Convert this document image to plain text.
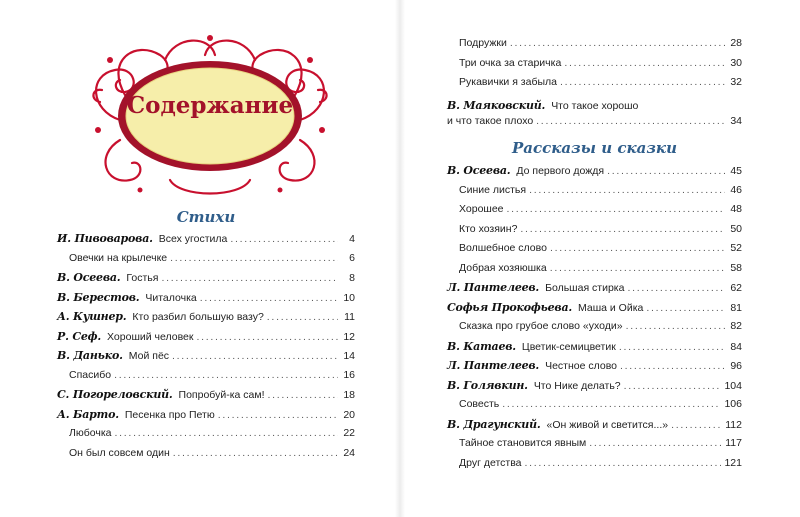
Содержание
Стихи
И. Пивоварова. Всех угостила . . .	4
Овечки на крылечке . . .	6
В. Осеева. Гостья . . .	8
В. Берестов. Читалочка . . .	10
А. Кушнер. Кто разбил большую вазу? . . .	11
Р. Сеф. Хороший человек . . .	12
В. Данько. Мой пёс . . .	14
Спасибо . . .	16
С. Погореловский. Попробуй-ка сам! . . .	18
А. Барто. Песенка про Петю . . .	20
Любочка . . .	22
Он был совсем один . . .	24
Подружки . . .	28
Три очка за старичка . . .	30
Рукавички я забыла . . .	32
В. Маяковский. Что такое хорошо
и что такое плохо . . .	34
Рассказы и сказки
В. Осеева. До первого дождя . . .	45
Синие листья . . .	46
Хорошее . . .	48
Кто хозяин? . . .	50
Волшебное слово . . .	52
Добрая хозяюшка . . .	58
Л. Пантелеев. Большая стирка . . .	62
Софья Прокофьева. Маша и Ойка . . .	81
Сказка про грубое слово «уходи» . . .	82
В. Катаев. Цветик-семицветик . . .	84
Л. Пантелеев. Честное слово . . .	96
В. Голявкин. Что Нике делать? . . .	104
Совесть . . .	106
В. Драгунский. «Он живой и светится...» . . .	112
Тайное становится явным . . .	117
Друг детства . . .	121
